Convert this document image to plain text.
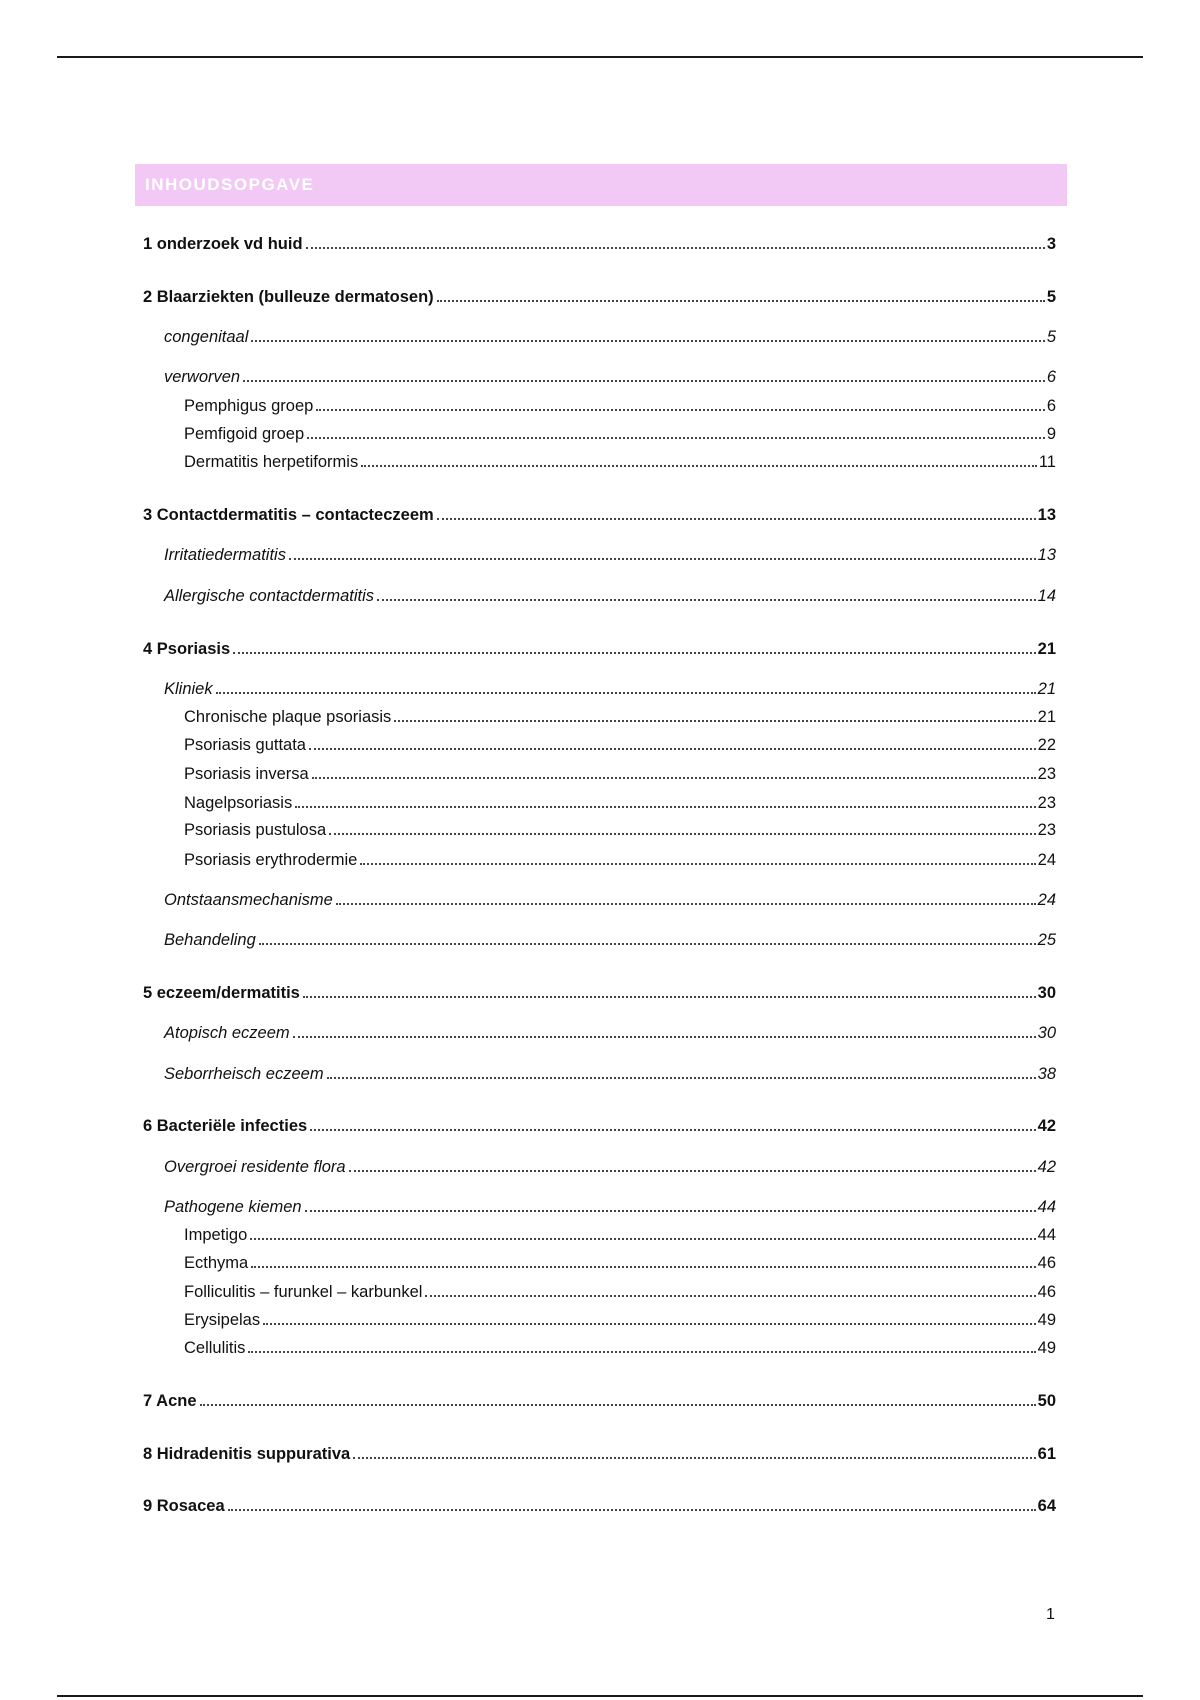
INHOUDSOPGAVE
1 onderzoek vd huid	3
2 Blaarziekten (bulleuze dermatosen)	5
congenitaal	5
verworven	6
Pemphigus groep	6
Pemfigoid groep	9
Dermatitis herpetiformis	11
3 Contactdermatitis – contacteczeem	13
Irritatiedermatitis	13
Allergische contactdermatitis	14
4 Psoriasis	21
Kliniek	21
Chronische plaque psoriasis	21
Psoriasis guttata	22
Psoriasis inversa	23
Nagelpsoriasis	23
Psoriasis pustulosa	23
Psoriasis erythrodermie	24
Ontstaansmechanisme	24
Behandeling	25
5 eczeem/dermatitis	30
Atopisch eczeem	30
Seborrheisch eczeem	38
6 Bacteriële infecties	42
Overgroei residente flora	42
Pathogene kiemen	44
Impetigo	44
Ecthyma	46
Folliculitis – furunkel – karbunkel	46
Erysipelas	49
Cellulitis	49
7 Acne	50
8 Hidradenitis suppurativa	61
9 Rosacea	64
1
